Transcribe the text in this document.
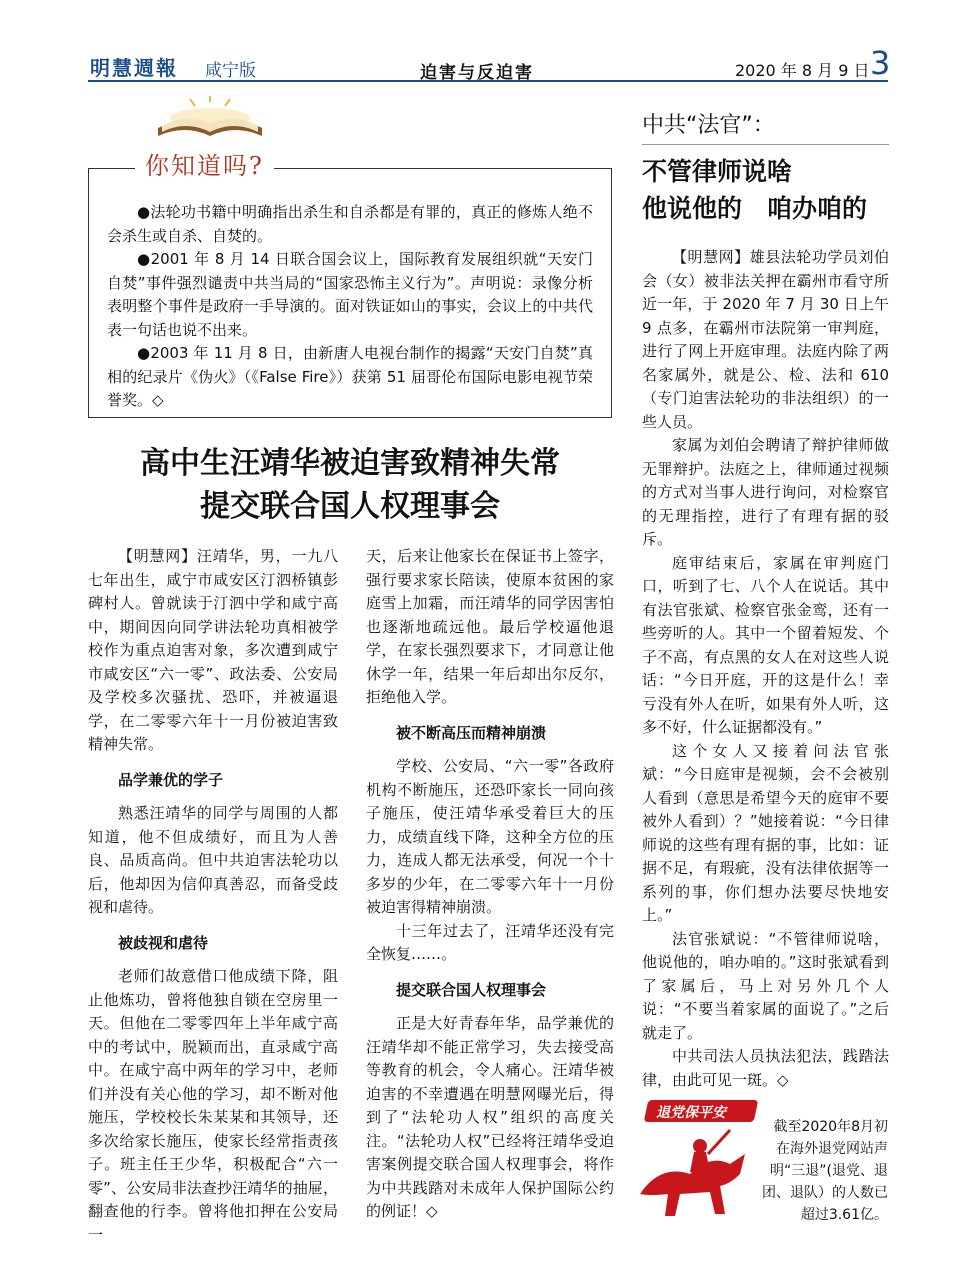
明慧週報 咸宁版	迫害与反迫害	2020 年 8 月 9 日 3

●法轮功书籍中明确指出杀生和自杀都是有罪的，真正的修炼人绝不会杀生或自杀、自焚的。

●2001 年 8 月 14 日联合国会议上，国际教育发展组织就“天安门自焚”事件强烈谴责中共当局的“国家恐怖主义行为”。声明说：录像分析表明整个事件是政府一手导演的。面对铁证如山的事实，会议上的中共代表一句话也说不出来。

●2003 年 11 月 8 日，由新唐人电视台制作的揭露“天安门自焚”真相的纪录片《伪火》（《False Fire》）获第 51 届哥伦布国际电影电视节荣誉奖。◇

你知道吗?
高中生汪靖华被迫害致精神失常
提交联合国人权理事会

【明慧网】汪靖华，男，一九八七年出生，咸宁市咸安区汀泗桥镇彭碑村人。曾就读于汀泗中学和咸宁高中，期间因向同学讲法轮功真相被学校作为重点迫害对象，多次遭到咸宁市咸安区“六一零”、政法委、公安局及学校多次骚扰、恐吓，并被逼退学，在二零零六年十一月份被迫害致精神失常。

品学兼优的学子

熟悉汪靖华的同学与周围的人都知道，他不但成绩好，而且为人善良、品质高尚。但中共迫害法轮功以后，他却因为信仰真善忍，而备受歧视和虐待。

被歧视和虐待

老师们故意借口他成绩下降，阻止他炼功，曾将他独自锁在空房里一天。但他在二零零四年上半年咸宁高中的考试中，脱颖而出，直录咸宁高中。在咸宁高中两年的学习中，老师们并没有关心他的学习，却不断对他施压，学校校长朱某某和其领导，还多次给家长施压，使家长经常指责孩子。班主任王少华，积极配合“六一零”、公安局非法查抄汪靖华的抽屉，翻查他的行李。曾将他扣押在公安局一

天，后来让他家长在保证书上签字，强行要求家长陪读，使原本贫困的家庭雪上加霜，而汪靖华的同学因害怕也逐渐地疏远他。最后学校逼他退学，在家长强烈要求下，才同意让他休学一年，结果一年后却出尔反尔，拒绝他入学。

被不断高压而精神崩溃

学校、公安局、“六一零”各政府机构不断施压，还恐吓家长一同向孩子施压，使汪靖华承受着巨大的压力，成绩直线下降，这种全方位的压力，连成人都无法承受，何况一个十多岁的少年，在二零零六年十一月份被迫害得精神崩溃。

十三年过去了，汪靖华还没有完全恢复……。

提交联合国人权理事会

正是大好青春年华，品学兼优的汪靖华却不能正常学习，失去接受高等教育的机会，令人痛心。汪靖华被迫害的不幸遭遇在明慧网曝光后，得到了“法轮功人权”组织的高度关注。“法轮功人权”已经将汪靖华受迫害案例提交联合国人权理事会，将作为中共践踏对未成年人保护国际公约的例证！◇

中共“法官”：
不管律师说啥
他说他的　咱办咱的

【明慧网】雄县法轮功学员刘伯会（女）被非法关押在霸州市看守所近一年，于 2020 年 7 月 30 日上午 9 点多，在霸州市法院第一审判庭，进行了网上开庭审理。法庭内除了两名家属外，就是公、检、法和 610（专门迫害法轮功的非法组织）的一些人员。

家属为刘伯会聘请了辩护律师做无罪辩护。法庭之上，律师通过视频的方式对当事人进行询问，对检察官的无理指控，进行了有理有据的驳斥。

庭审结束后，家属在审判庭门口，听到了七、八个人在说话。其中有法官张斌、检察官张金鸾，还有一些旁听的人。其中一个留着短发、个子不高，有点黑的女人在对这些人说话：“今日开庭，开的这是什么！幸亏没有外人在听，如果有外人听，这多不好，什么证据都没有。”

这个女人又接着问法官张斌：“今日庭审是视频，会不会被别人看到（意思是希望今天的庭审不要被外人看到）？”她接着说：“今日律师说的这些有理有据的事，比如：证据不足，有瑕疵，没有法律依据等一系列的事，你们想办法要尽快地安上。”

法官张斌说：“不管律师说啥，他说他的，咱办咱的。”这时张斌看到了家属后，马上对另外几个人说：“不要当着家属的面说了。”之后就走了。

中共司法人员执法犯法，践踏法律，由此可见一斑。◇

退党保平安
截至2020年8月初在海外退党网站声明“三退”(退党、退团、退队）的人数已超过3.61亿。
